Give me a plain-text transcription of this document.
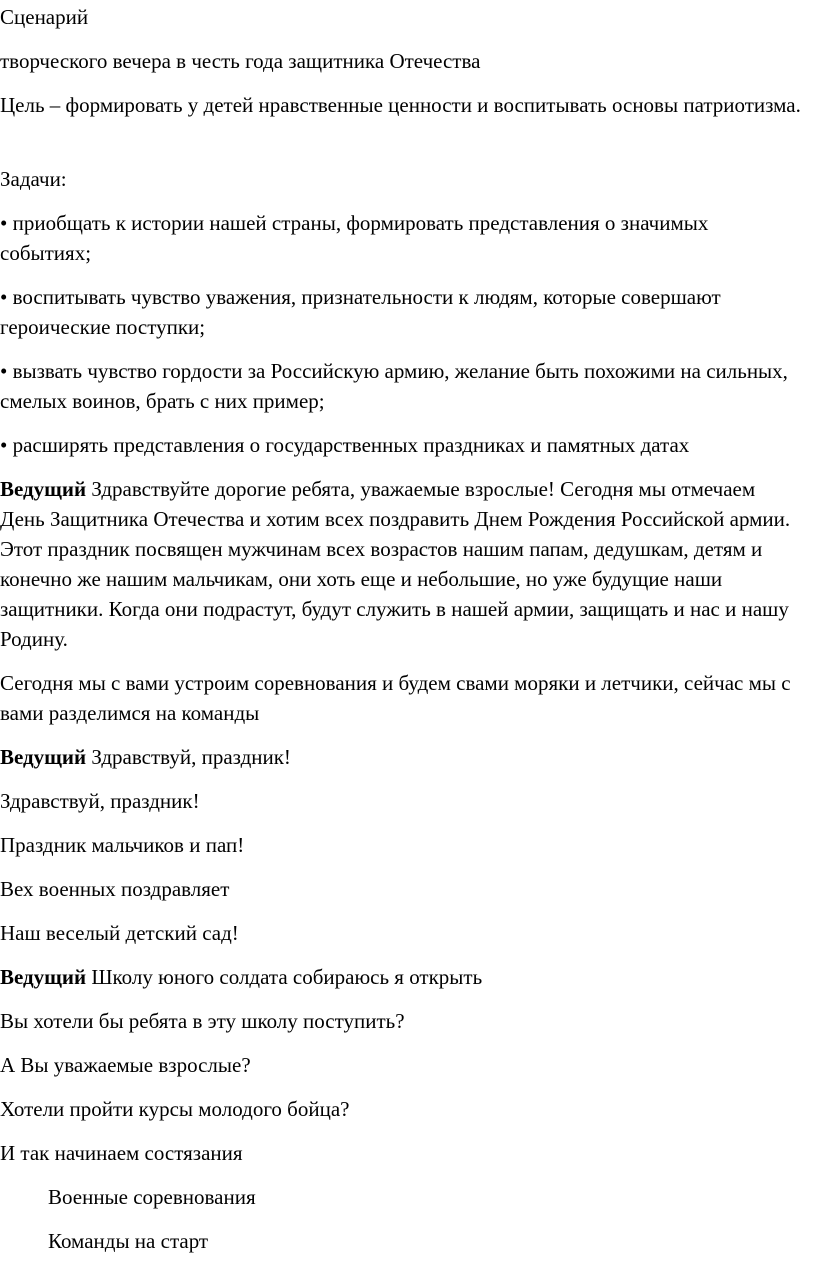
Сценарий

творческого вечера в честь года защитника Отечества

Цель – формировать у детей нравственные ценности и воспитывать основы патриотизма.

Задачи:

• приобщать к истории нашей страны, формировать представления о значимых событиях;

• воспитывать чувство уважения, признательности к людям, которые совершают героические поступки;

• вызвать чувство гордости за Российскую армию, желание быть похожими на сильных, смелых воинов, брать с них пример;

• расширять представления о государственных праздниках и памятных датах

Ведущий Здравствуйте дорогие ребята, уважаемые взрослые! Сегодня мы отмечаем День Защитника Отечества и хотим всех поздравить Днем Рождения Российской армии. Этот праздник посвящен мужчинам всех возрастов нашим папам, дедушкам, детям и конечно же нашим мальчикам, они хоть еще и небольшие, но уже будущие наши защитники. Когда они подрастут, будут служить в нашей армии, защищать и нас и нашу Родину.

Сегодня мы с вами устроим соревнования и будем свами моряки и летчики, сейчас мы с вами разделимся на команды

Ведущий Здравствуй, праздник!

Здравствуй, праздник!

Праздник мальчиков и пап!

Вех военных поздравляет

Наш веселый детский сад!

Ведущий Школу юного солдата собираюсь я открыть

Вы хотели бы ребята в эту школу поступить?

А Вы уважаемые взрослые?

Хотели пройти курсы молодого бойца?

И так начинаем состязания

Военные соревнования

Команды на старт
